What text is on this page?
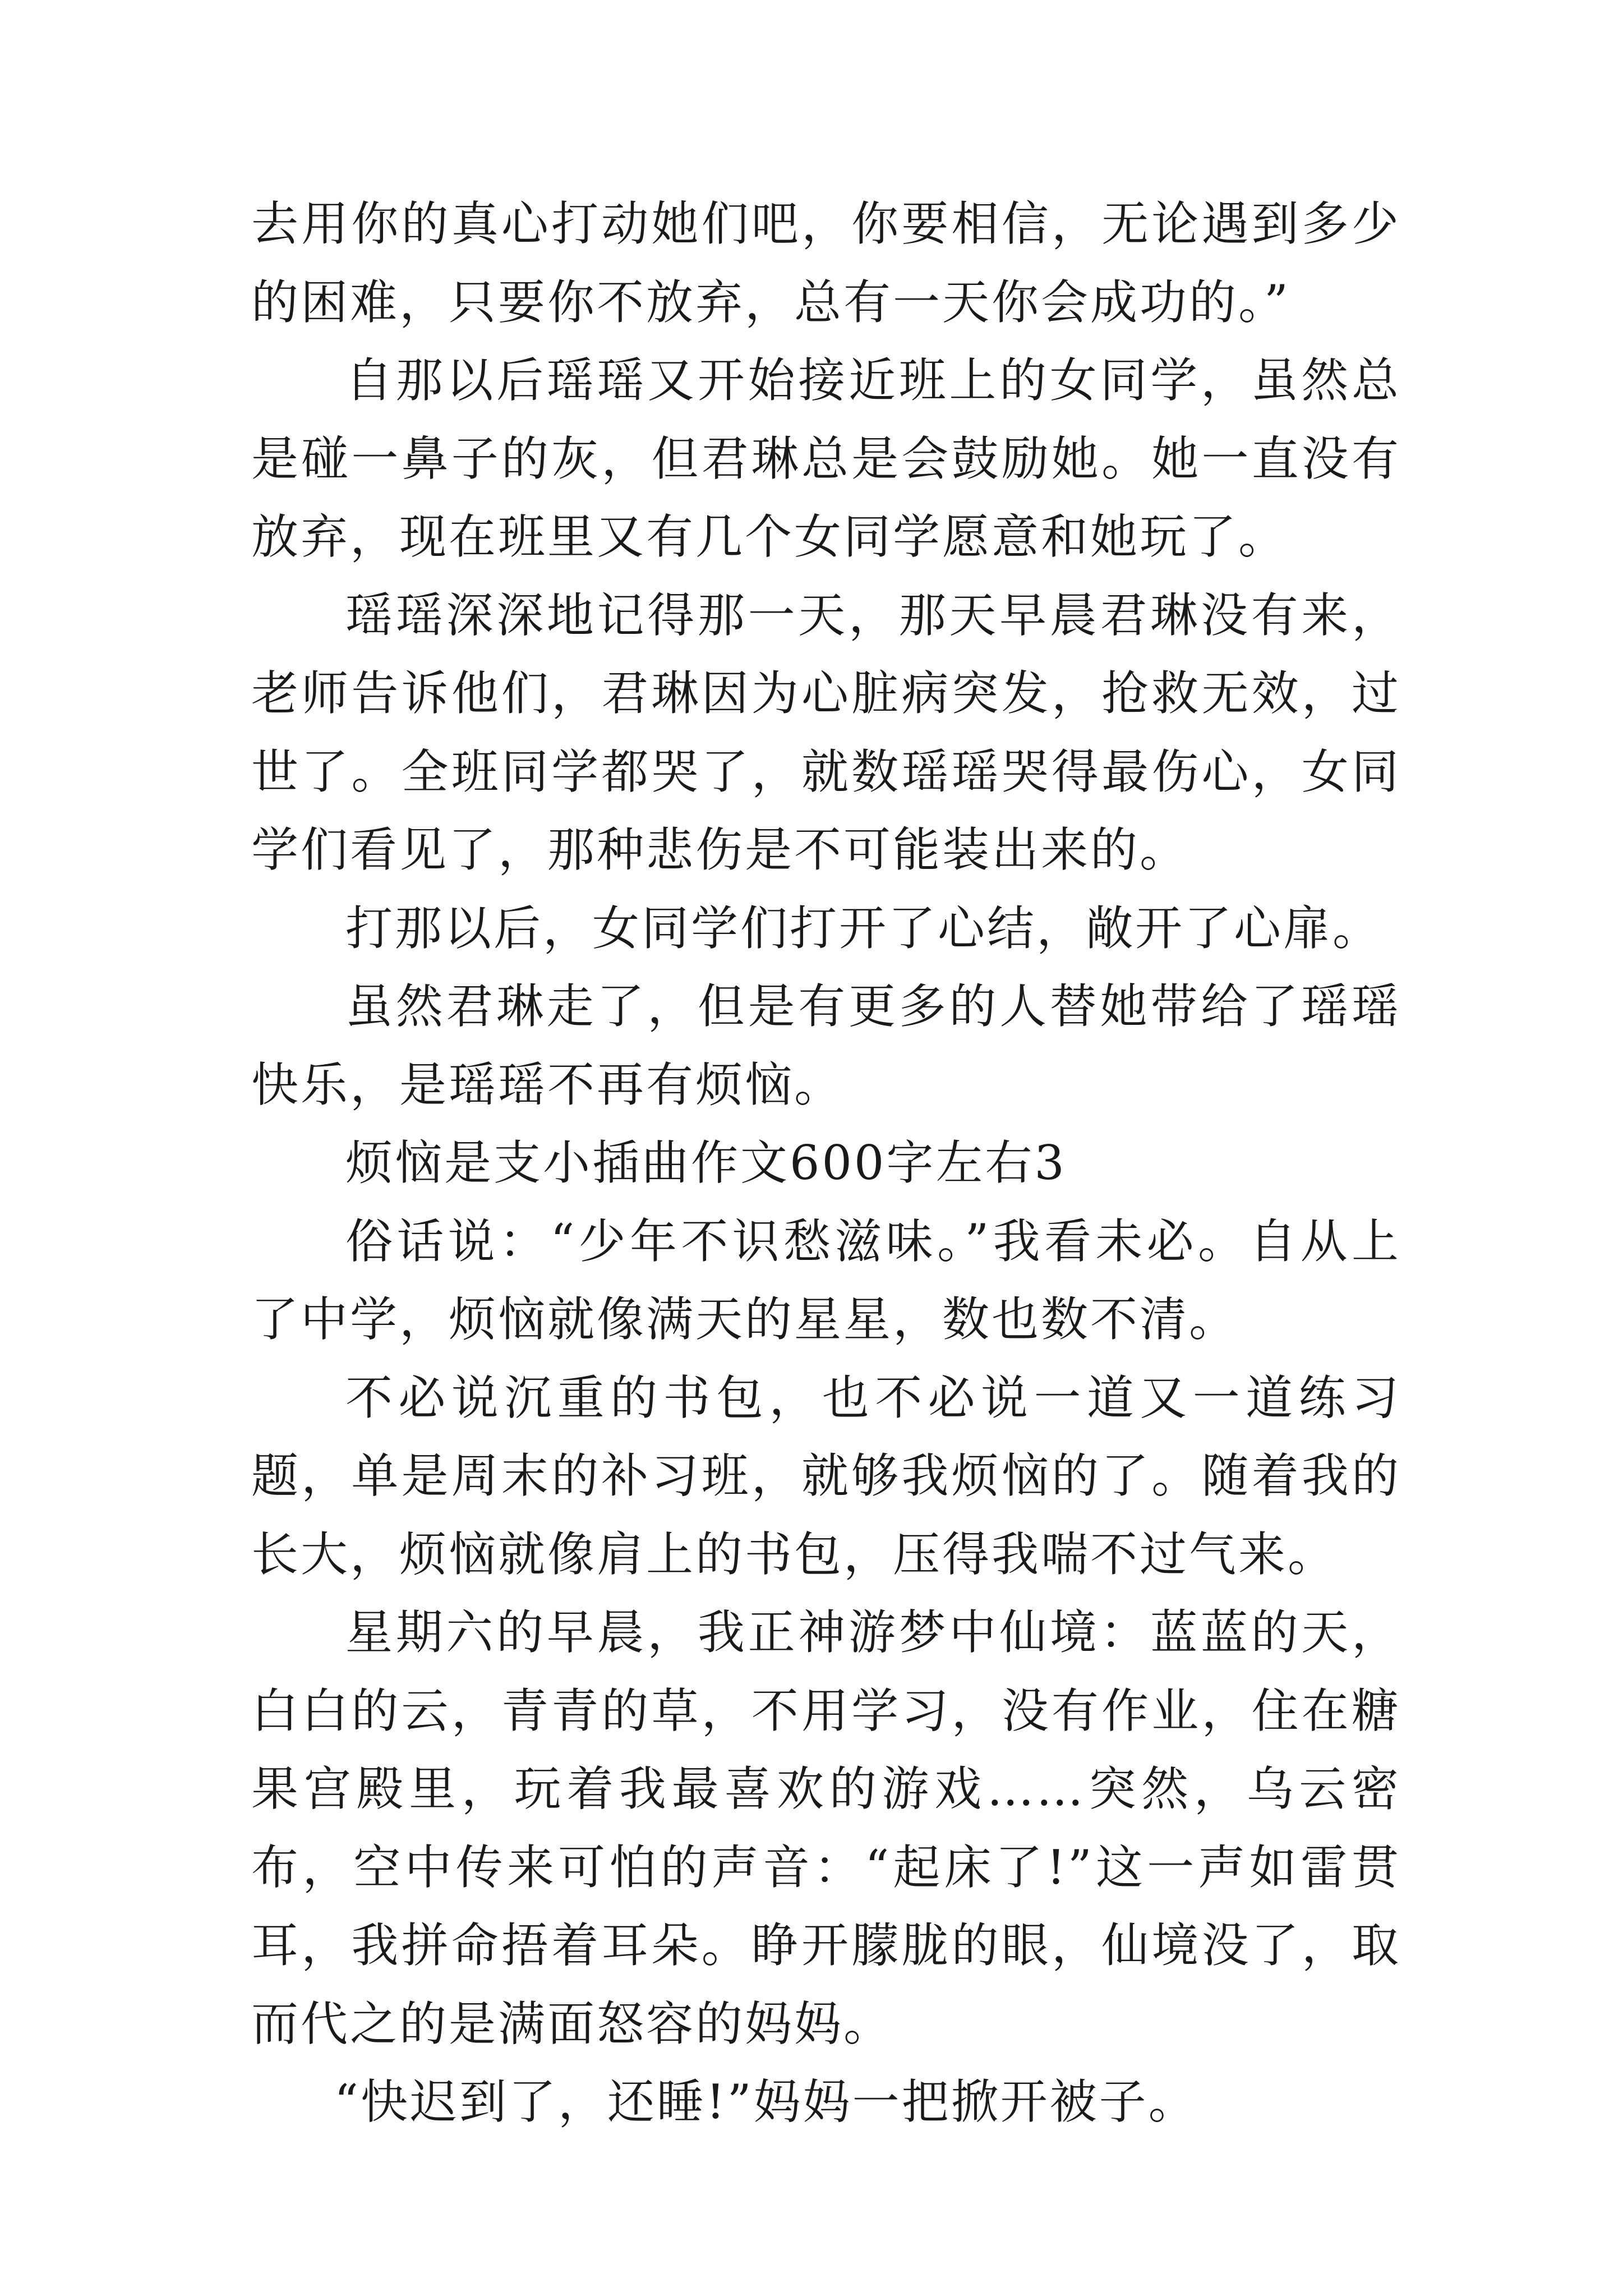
去用你的真心打动她们吧，你要相信，无论遇到多少的困难，只要你不放弃，总有一天你会成功的。”

自那以后瑶瑶又开始接近班上的女同学，虽然总是碰一鼻子的灰，但君琳总是会鼓励她。她一直没有放弃，现在班里又有几个女同学愿意和她玩了。

瑶瑶深深地记得那一天，那天早晨君琳没有来，老师告诉他们，君琳因为心脏病突发，抢救无效，过世了。全班同学都哭了，就数瑶瑶哭得最伤心，女同学们看见了，那种悲伤是不可能装出来的。

打那以后，女同学们打开了心结，敞开了心扉。

虽然君琳走了，但是有更多的人替她带给了瑶瑶快乐，是瑶瑶不再有烦恼。

烦恼是支小插曲作文600字左右3

俗话说：“少年不识愁滋味。”我看未必。自从上了中学，烦恼就像满天的星星，数也数不清。

不必说沉重的书包，也不必说一道又一道练习题，单是周末的补习班，就够我烦恼的了。随着我的长大，烦恼就像肩上的书包，压得我喘不过气来。

星期六的早晨，我正神游梦中仙境：蓝蓝的天，白白的云，青青的草，不用学习，没有作业，住在糖果宫殿里，玩着我最喜欢的游戏……突然，乌云密布，空中传来可怕的声音：“起床了!”这一声如雷贯耳，我拼命捂着耳朵。睁开朦胧的眼，仙境没了，取而代之的是满面怒容的妈妈。

“快迟到了，还睡!”妈妈一把掀开被子。
